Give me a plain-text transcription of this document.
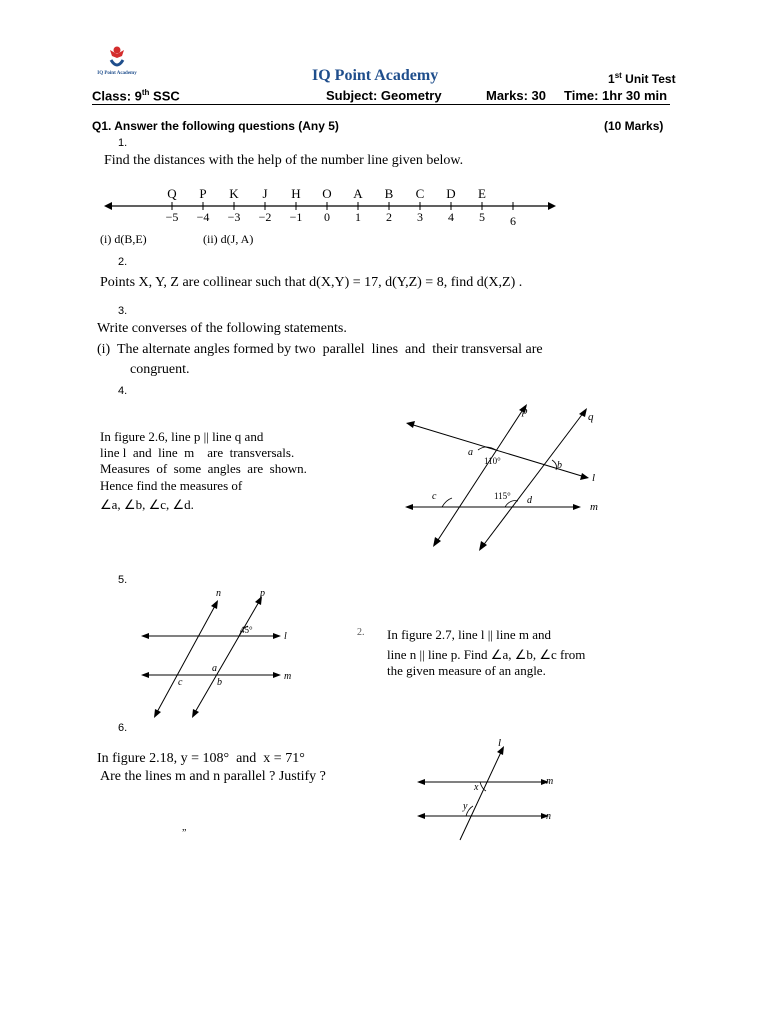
IQ Point Academy	IQ Point Academy	1st Unit Test
Class: 9th SSC	Subject: Geometry	Marks: 30 Time: 1hr 30 min
Q1. Answer the following questions (Any 5)	(10 Marks)
1.
Find the distances with the help of the number line given below.
Q P K J H O A B C D E
−5 −4 −3 −2 −1 0 1 2 3 4 5 6
(i) d(B,E)	(ii) d(J, A)
2.
Points X, Y, Z are collinear such that d(X,Y) = 17, d(Y,Z) = 8, find d(X,Z) .
3.
Write converses of the following statements.
(i)  The alternate angles formed by two  parallel  lines  and  their transversal are
congruent.
4.
In figure 2.6, line p || line q and
line l  and  line  m    are  transversals.
Measures  of  some  angles  are  shown.
Hence find the measures of
∠a, ∠b, ∠c, ∠d.
p	q
l
m
a
b
c	d
110°
115°
5.
n	p
l
m
45°
a
b
c
2. In figure 2.7, line l || line m and
line n || line p. Find ∠a, ∠b, ∠c from
the given measure of an angle.
6.
In figure 2.18, y = 108°  and  x = 71°
Are the lines m and n parallel ? Justify ?
l
m
n
x
y
”
